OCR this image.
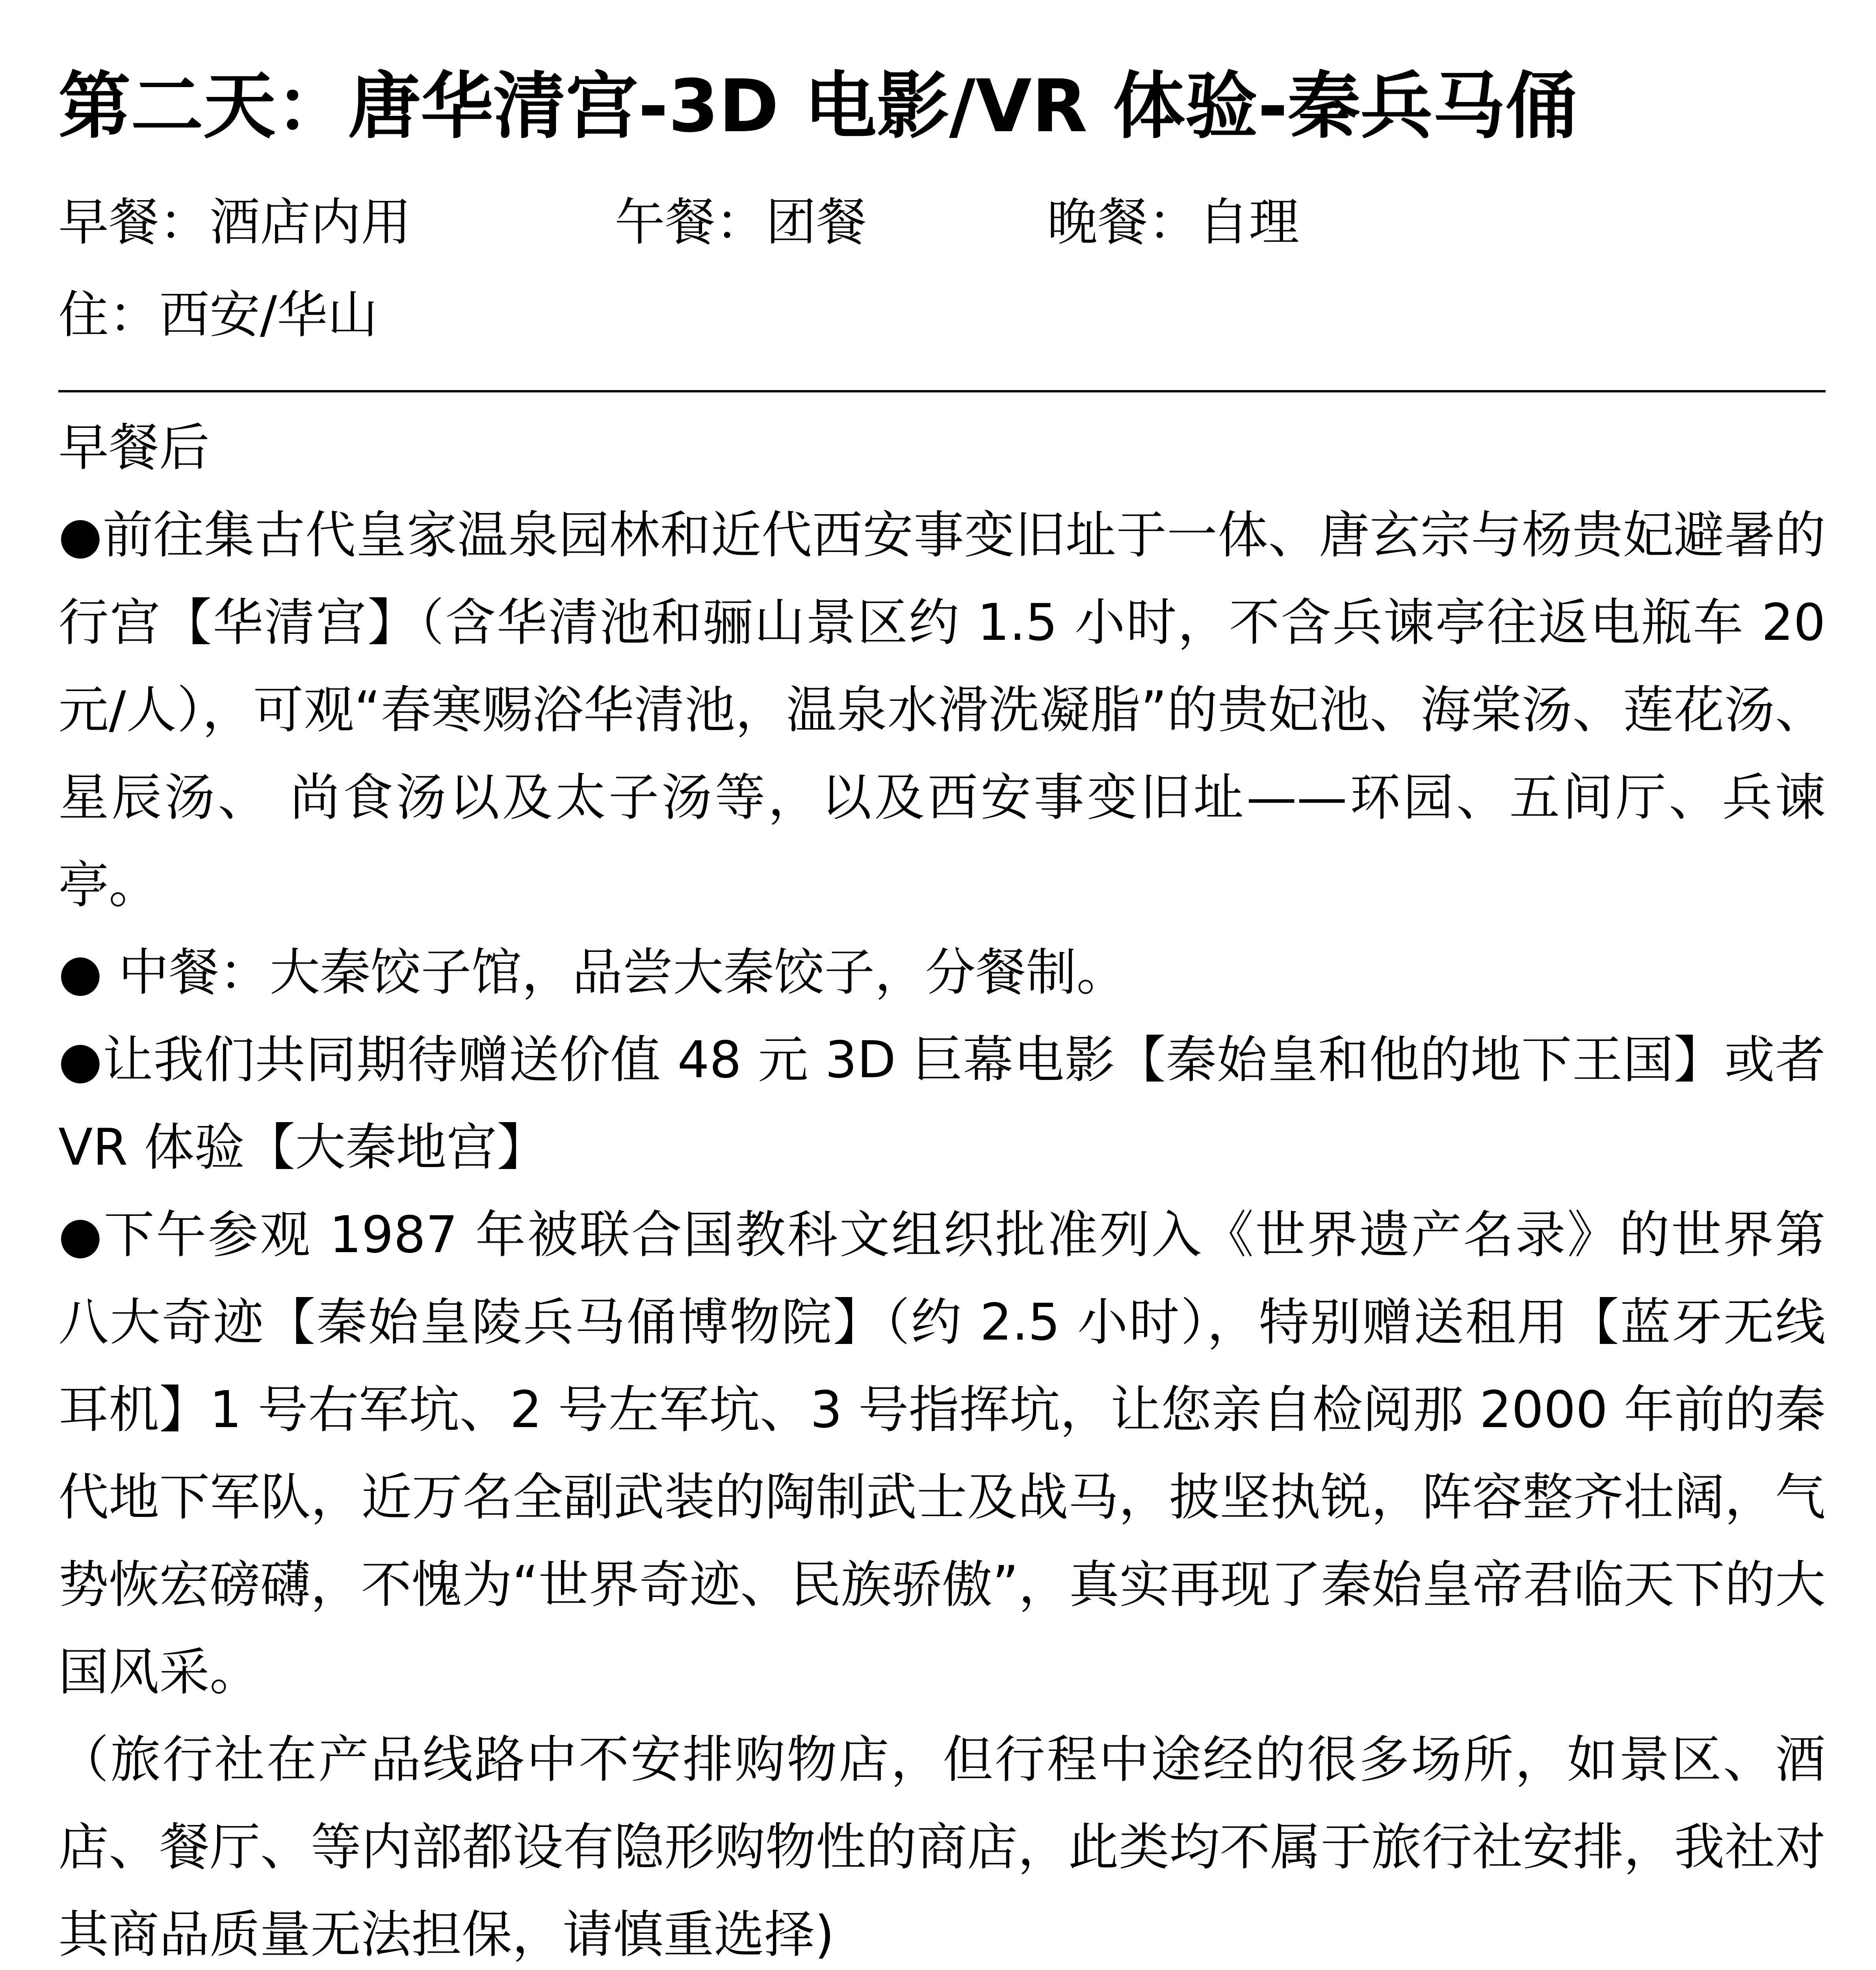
第二天：唐华清宫-3D 电影/VR 体验-秦兵马俑
早餐：酒店内用	午餐：团餐	晚餐：自理
住：西安/华山

早餐后

●前往集古代皇家温泉园林和近代西安事变旧址于一体、唐玄宗与杨贵妃避暑的行宫【华清宫】（含华清池和骊山景区约 1.5 小时，不含兵谏亭往返电瓶车 20 元/人），可观“春寒赐浴华清池，温泉水滑洗凝脂”的贵妃池、海棠汤、莲花汤、星辰汤、 尚食汤以及太子汤等，以及西安事变旧址——环园、五间厅、兵谏亭。

● 中餐：大秦饺子馆，品尝大秦饺子，分餐制。

●让我们共同期待赠送价值 48 元 3D 巨幕电影【秦始皇和他的地下王国】或者 VR 体验【大秦地宫】

●下午参观 1987 年被联合国教科文组织批准列入《世界遗产名录》的世界第八大奇迹【秦始皇陵兵马俑博物院】（约 2.5 小时），特别赠送租用【蓝牙无线耳机】1 号右军坑、2 号左军坑、3 号指挥坑，让您亲自检阅那 2000 年前的秦代地下军队，近万名全副武装的陶制武士及战马，披坚执锐，阵容整齐壮阔，气势恢宏磅礴，不愧为“世界奇迹、民族骄傲”，真实再现了秦始皇帝君临天下的大国风采。

（旅行社在产品线路中不安排购物店，但行程中途经的很多场所，如景区、酒店、餐厅、等内部都设有隐形购物性的商店，此类均不属于旅行社安排，我社对其商品质量无法担保，请慎重选择)
